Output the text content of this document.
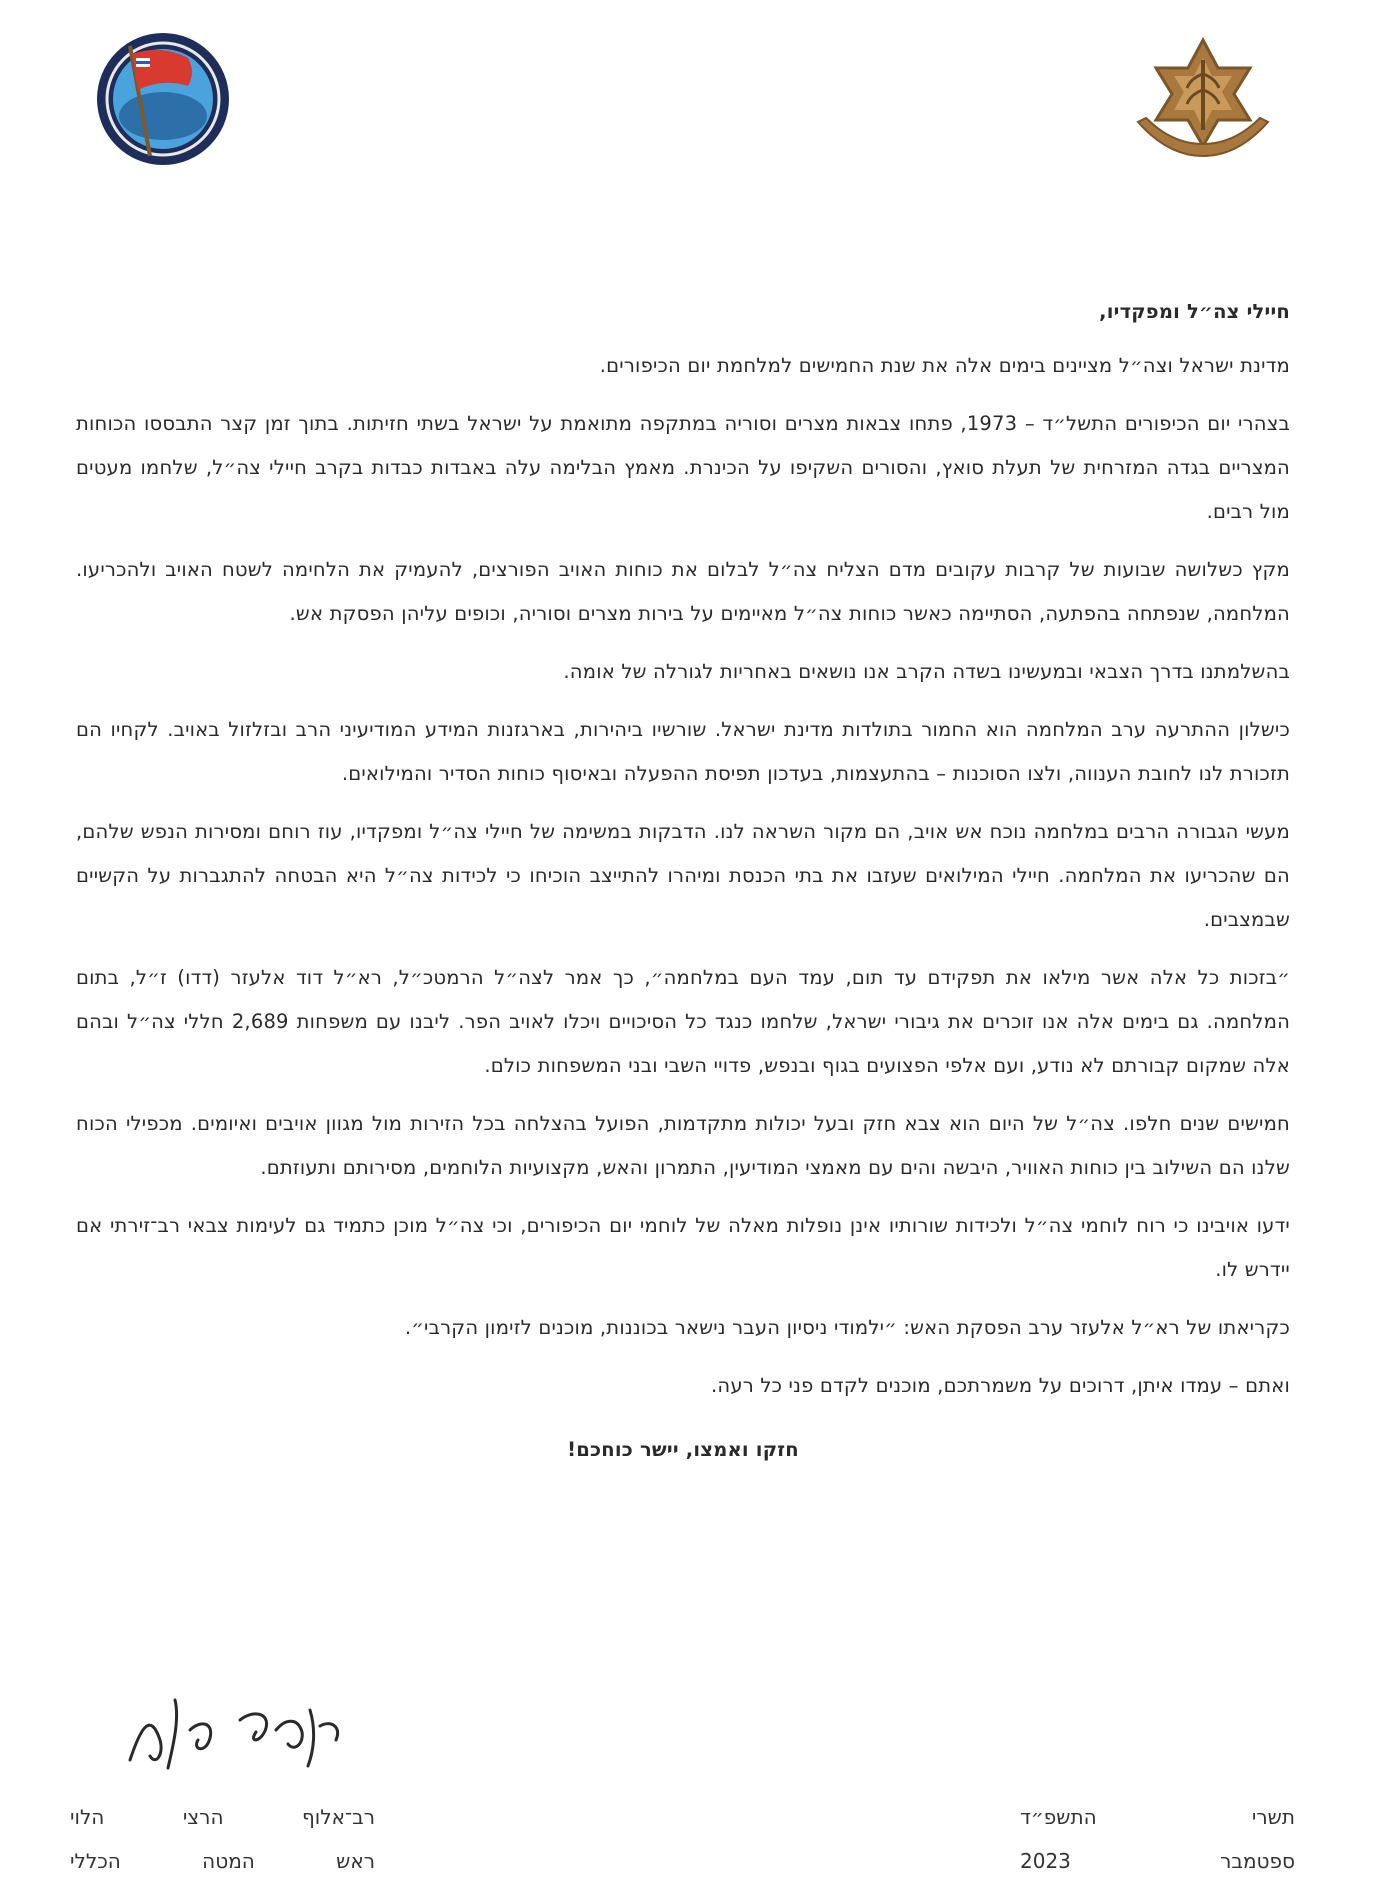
חיילי צה״ל ומפקדיו,

מדינת ישראל וצה״ל מציינים בימים אלה את שנת החמישים למלחמת יום הכיפורים.

בצהרי יום הכיפורים התשל״ד – 1973, פתחו צבאות מצרים וסוריה במתקפה מתואמת על ישראל בשתי חזיתות. בתוך זמן קצר התבססו הכוחות המצריים בגדה המזרחית של תעלת סואץ, והסורים השקיפו על הכינרת. מאמץ הבלימה עלה באבדות כבדות בקרב חיילי צה״ל, שלחמו מעטים מול רבים.

מקץ כשלושה שבועות של קרבות עקובים מדם הצליח צה״ל לבלום את כוחות האויב הפורצים, להעמיק את הלחימה לשטח האויב ולהכריעו. המלחמה, שנפתחה בהפתעה, הסתיימה כאשר כוחות צה״ל מאיימים על בירות מצרים וסוריה, וכופים עליהן הפסקת אש.

בהשלמתנו בדרך הצבאי ובמעשינו בשדה הקרב אנו נושאים באחריות לגורלה של אומה.

כישלון ההתרעה ערב המלחמה הוא החמור בתולדות מדינת ישראל. שורשיו ביהירות, בארגזנות המידע המודיעיני הרב ובזלזול באויב. לקחיו הם תזכורת לנו לחובת הענווה, ולצו הסוכנות – בהתעצמות, בעדכון תפיסת ההפעלה ובאיסוף כוחות הסדיר והמילואים.

מעשי הגבורה הרבים במלחמה נוכח אש אויב, הם מקור השראה לנו. הדבקות במשימה של חיילי צה״ל ומפקדיו, עוז רוחם ומסירות הנפש שלהם, הם שהכריעו את המלחמה. חיילי המילואים שעזבו את בתי הכנסת ומיהרו להתייצב הוכיחו כי לכידות צה״ל היא הבטחה להתגברות על הקשיים שבמצבים.

״בזכות כל אלה אשר מילאו את תפקידם עד תום, עמד העם במלחמה״, כך אמר לצה״ל הרמטכ״ל, רא״ל דוד אלעזר (דדו) ז״ל, בתום המלחמה. גם בימים אלה אנו זוכרים את גיבורי ישראל, שלחמו כנגד כל הסיכויים ויכלו לאויב הפר. ליבנו עם משפחות 2,689 חללי צה״ל ובהם אלה שמקום קבורתם לא נודע, ועם אלפי הפצועים בגוף ובנפש, פדויי השבי ובני המשפחות כולם.

חמישים שנים חלפו. צה״ל של היום הוא צבא חזק ובעל יכולות מתקדמות, הפועל בהצלחה בכל הזירות מול מגוון אויבים ואיומים. מכפילי הכוח שלנו הם השילוב בין כוחות האוויר, היבשה והים עם מאמצי המודיעין, התמרון והאש, מקצועיות הלוחמים, מסירותם ותעוזתם.

ידעו אויבינו כי רוח לוחמי צה״ל ולכידות שורותיו אינן נופלות מאלה של לוחמי יום הכיפורים, וכי צה״ל מוכן כתמיד גם לעימות צבאי רב־זירתי אם יידרש לו.

כקריאתו של רא״ל אלעזר ערב הפסקת האש: ״ילמודי ניסיון העבר נישאר בכוננות, מוכנים לזימון הקרבי״.

ואתם – עמדו איתן, דרוכים על משמרתכם, מוכנים לקדם פני כל רעה.

חזקו ואמצו, יישר כוחכם!

רב־אלוף
הרצי
הלוי
ראש
המטה
הכללי
תשרי
התשפ״ד
ספטמבר
2023
